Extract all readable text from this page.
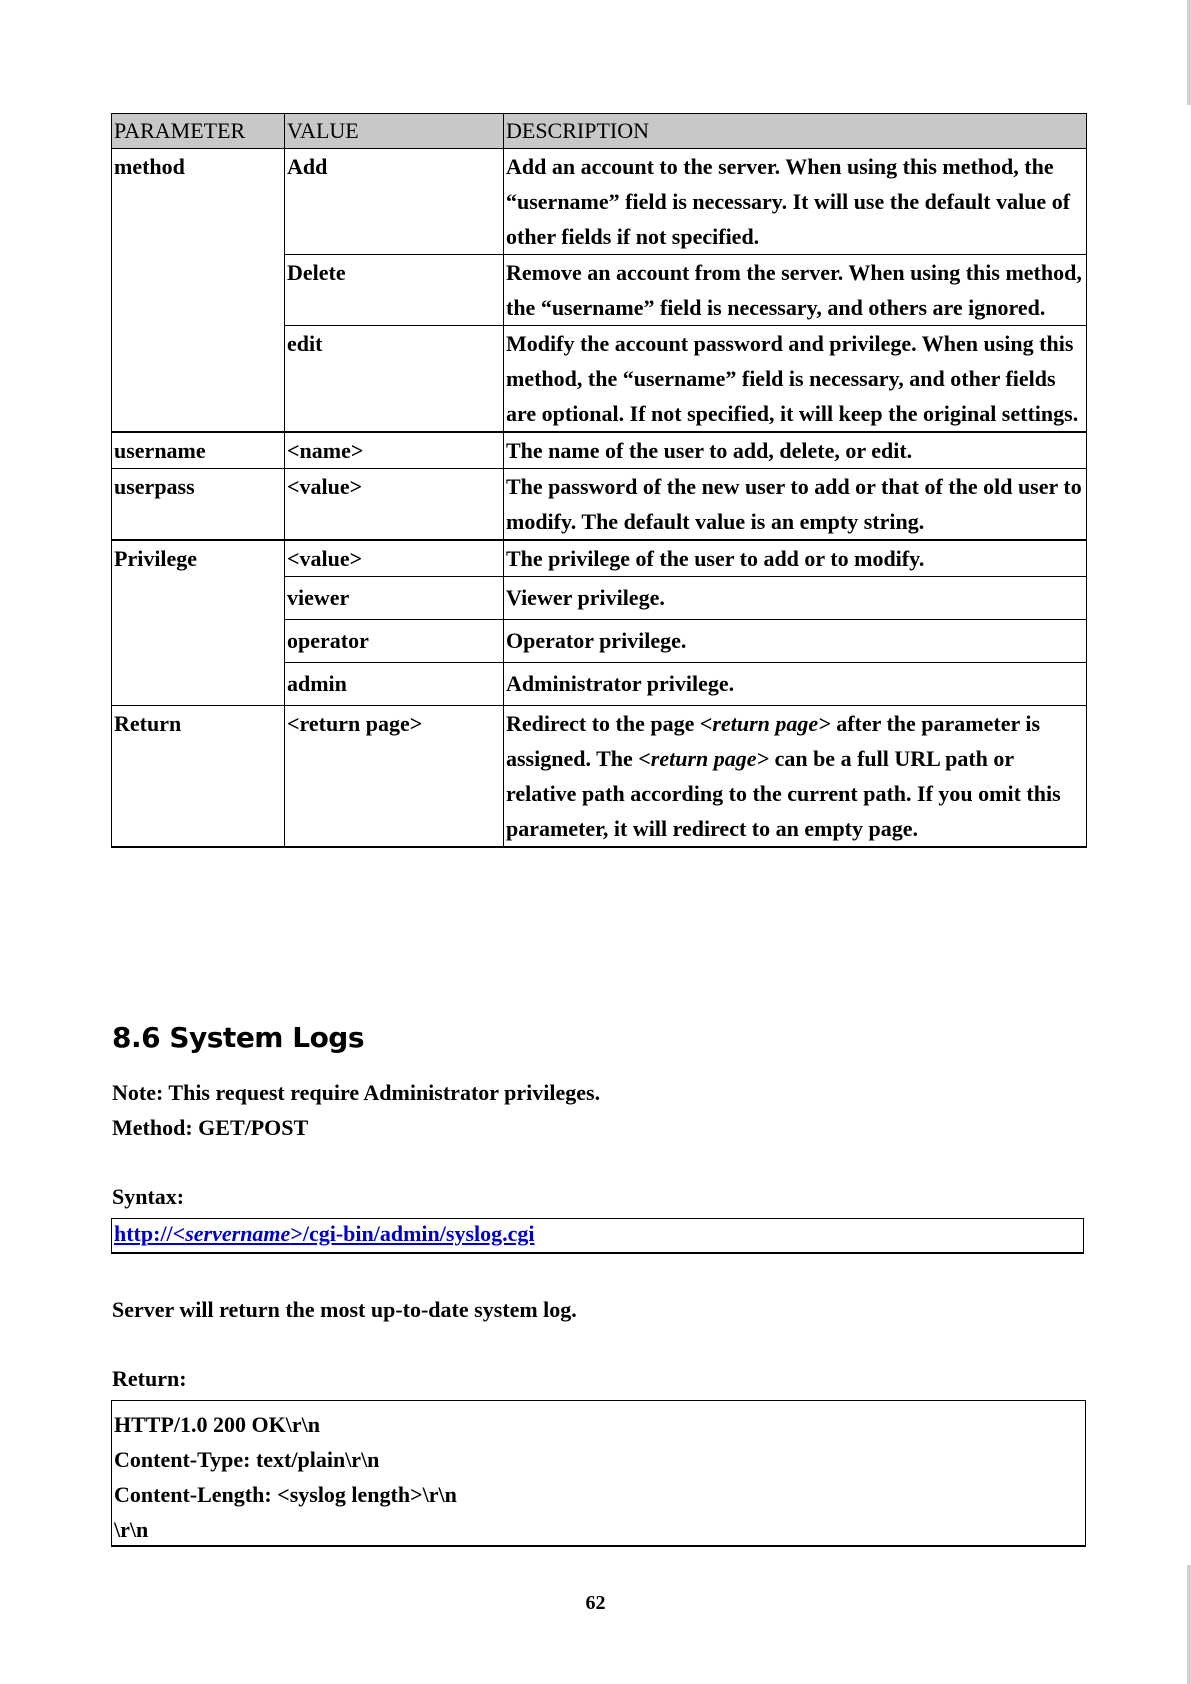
PARAMETER	VALUE	DESCRIPTION
method	Add	Add an account to the server. When using this method, the “username” field is necessary. It will use the default value of other fields if not specified.
	Delete	Remove an account from the server. When using this method, the “username” field is necessary, and others are ignored.
	edit	Modify the account password and privilege. When using this method, the “username” field is necessary, and other fields are optional. If not specified, it will keep the original settings.
username	<name>	The name of the user to add, delete, or edit.
userpass	<value>	The password of the new user to add or that of the old user to modify. The default value is an empty string.
Privilege	<value>	The privilege of the user to add or to modify.
	viewer	Viewer privilege.
	operator	Operator privilege.
	admin	Administrator privilege.
Return	<return page>	Redirect to the page <return page> after the parameter is assigned. The <return page> can be a full URL path or relative path according to the current path. If you omit this parameter, it will redirect to an empty page.
8.6 System Logs
Note: This request require Administrator privileges.
Method: GET/POST
Syntax:
http://<servername>/cgi-bin/admin/syslog.cgi
Server will return the most up-to-date system log.
Return:
HTTP/1.0 200 OK\r\n
Content-Type: text/plain\r\n
Content-Length: <syslog length>\r\n
\r\n
62
